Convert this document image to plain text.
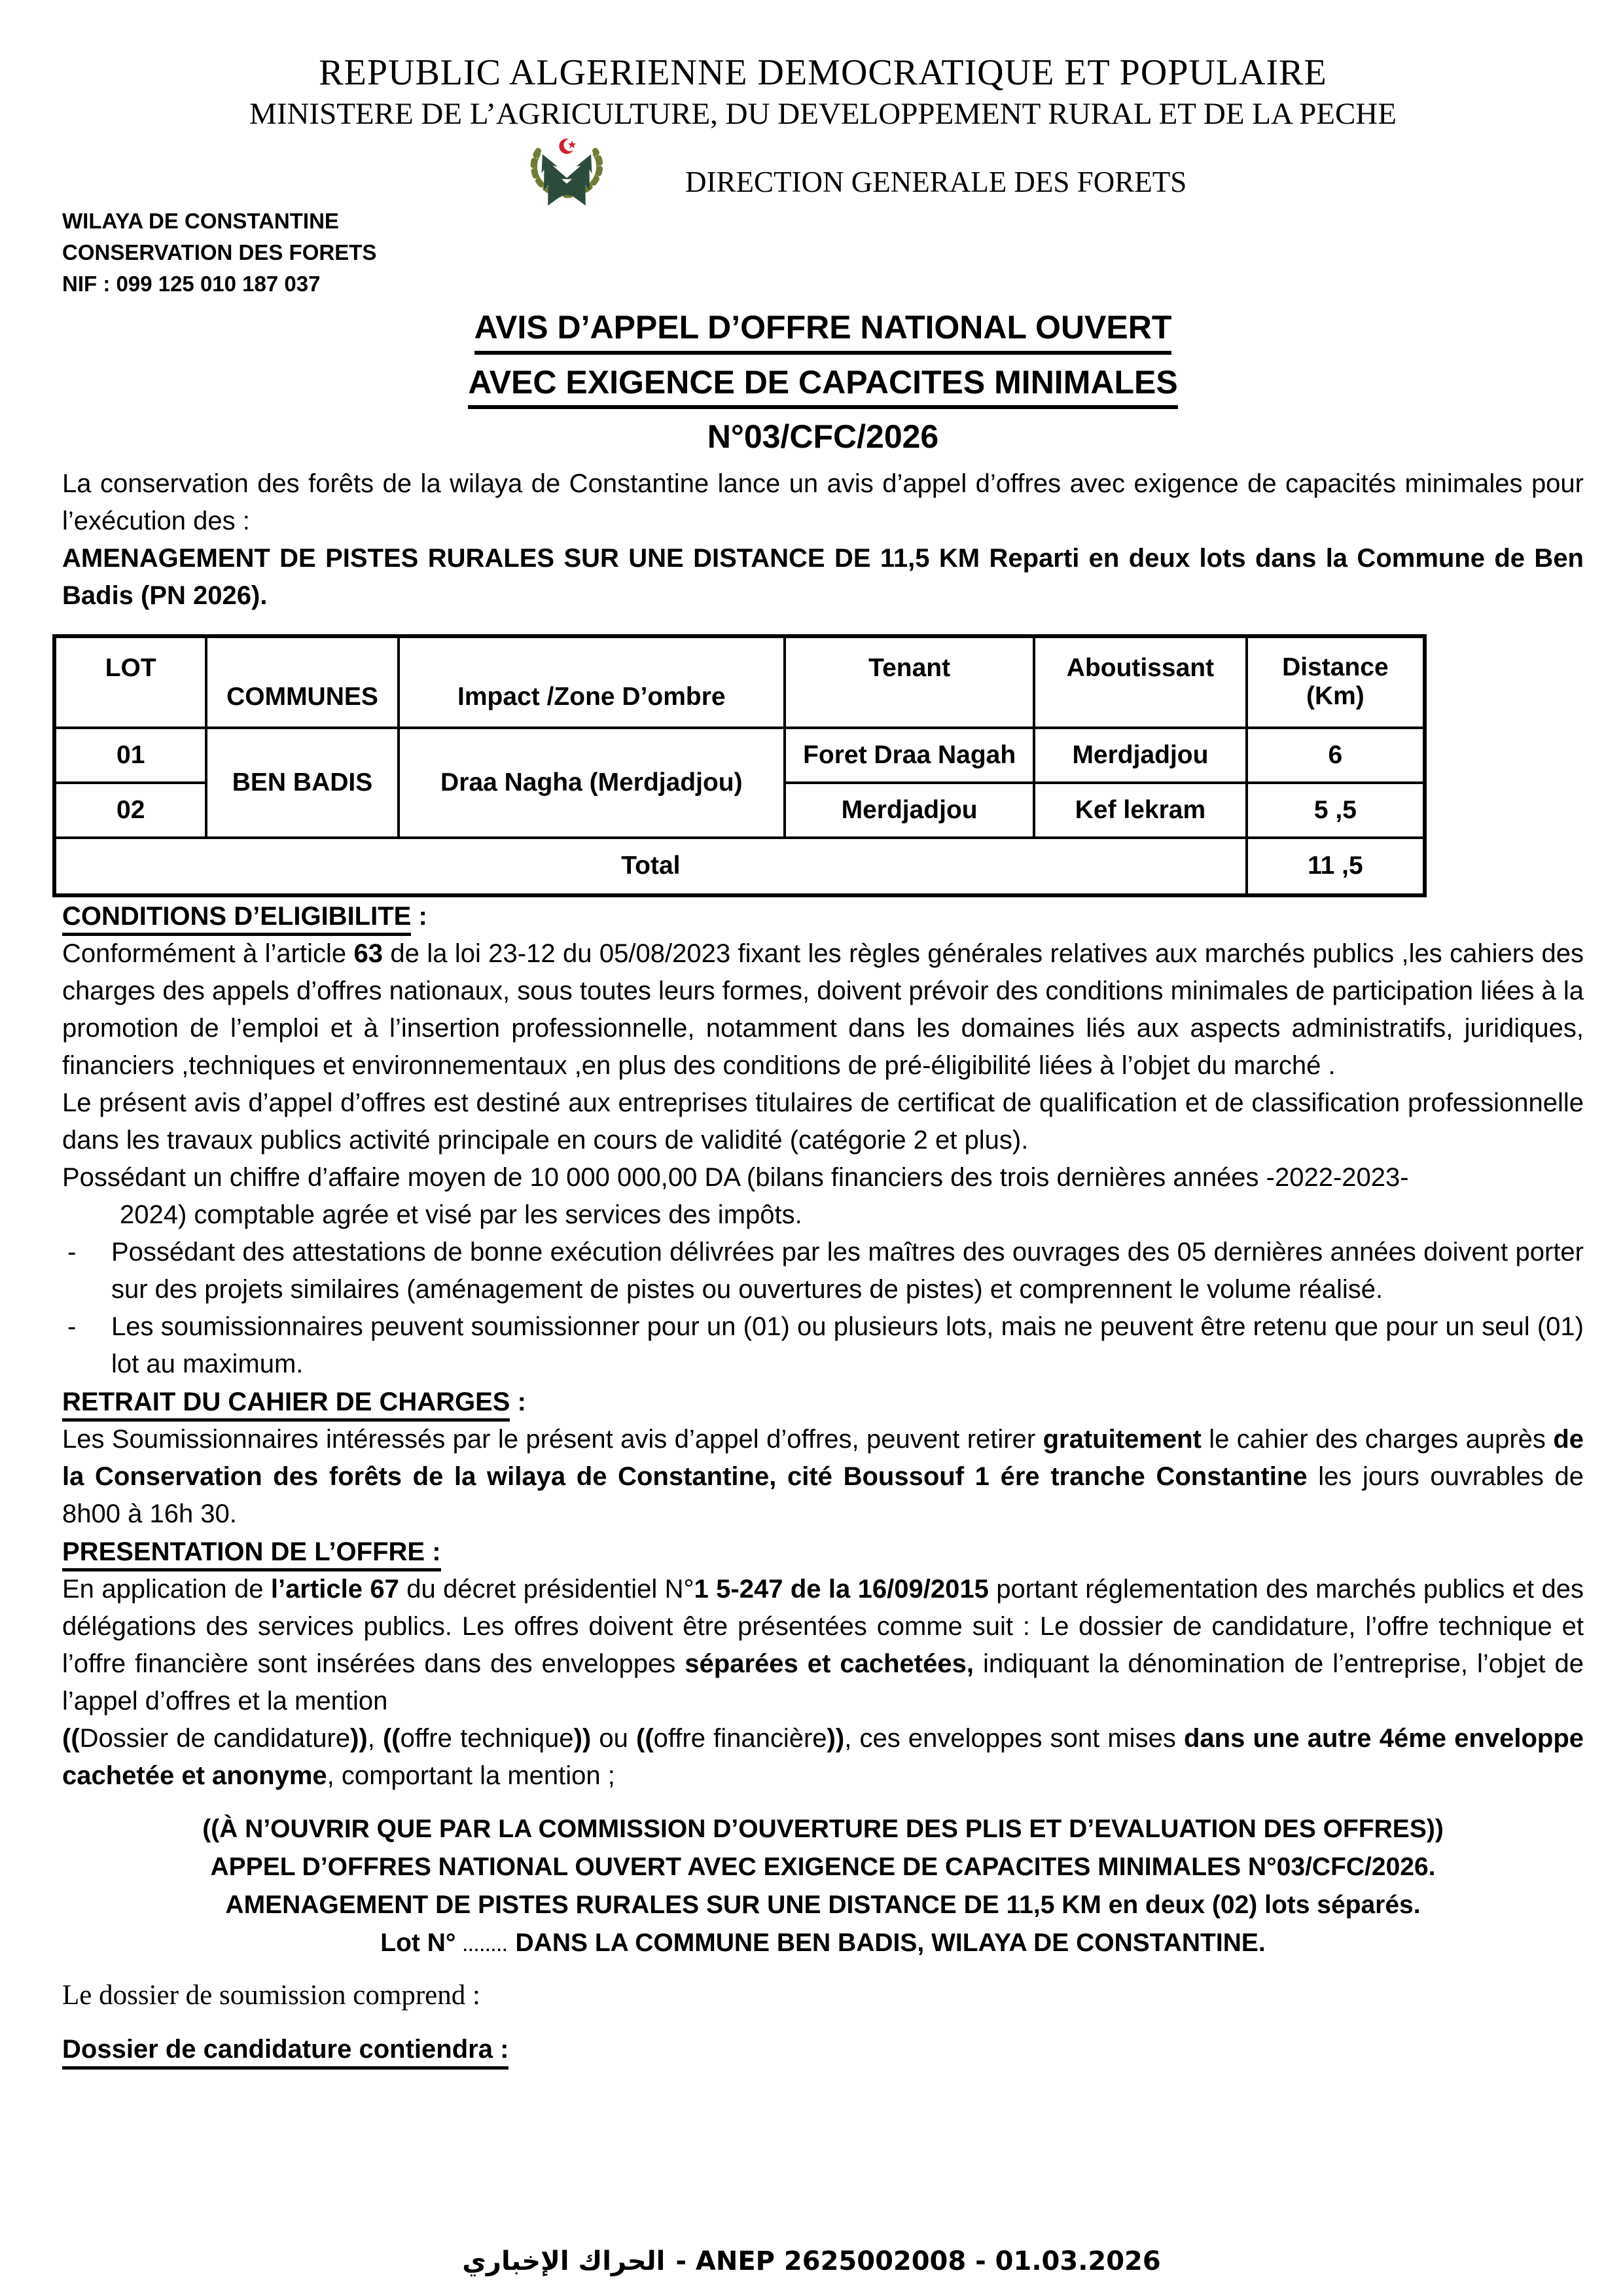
REPUBLIC ALGERIENNE DEMOCRATIQUE ET POPULAIRE
MINISTERE DE L’AGRICULTURE, DU DEVELOPPEMENT RURAL ET DE LA PECHE
DIRECTION GENERALE DES FORETS
WILAYA DE CONSTANTINE
CONSERVATION DES FORETS
NIF : 099 125 010 187 037
AVIS D’APPEL D’OFFRE NATIONAL OUVERT
AVEC EXIGENCE DE CAPACITES MINIMALES
N°03/CFC/2026

La conservation des forêts de la wilaya de Constantine lance un avis d’appel d’offres avec exigence de capacités minimales pour l’exécution des :

AMENAGEMENT DE PISTES RURALES SUR UNE DISTANCE DE 11,5 KM Reparti en deux lots dans la Commune de Ben Badis (PN 2026).

LOT	COMMUNES	Impact /Zone D’ombre	Tenant	Aboutissant	Distance
(Km)

01	BEN BADIS	Draa Nagha (Merdjadjou)	Foret Draa Nagah	Merdjadjou	6
02			Merdjadjou	Kef lekram	5 ,5
Total					11 ,5
CONDITIONS D’ELIGIBILITE :

Conformément à l’article 63 de la loi 23-12 du 05/08/2023 fixant les règles générales relatives aux marchés publics ,les cahiers des charges des appels d’offres nationaux, sous toutes leurs formes, doivent prévoir des conditions minimales de participation liées à la promotion de l’emploi et à l’insertion professionnelle, notamment dans les domaines liés aux aspects administratifs, juridiques, financiers ,techniques et environnementaux ,en plus des conditions de pré-éligibilité liées à l’objet du marché .

Le présent avis d’appel d’offres est destiné aux entreprises titulaires de certificat de qualification et de classification professionnelle dans les travaux publics activité principale en cours de validité (catégorie 2 et plus).

Possédant un chiffre d’affaire moyen de 10 000 000,00 DA (bilans financiers des trois dernières années -2022-2023-
2024) comptable agrée et visé par les services des impôts.

- Possédant des attestations de bonne exécution délivrées par les maîtres des ouvrages des 05 dernières années doivent porter sur des projets similaires (aménagement de pistes ou ouvertures de pistes) et comprennent le volume réalisé.

- Les soumissionnaires peuvent soumissionner pour un (01) ou plusieurs lots, mais ne peuvent être retenu que pour un seul (01) lot au maximum.

RETRAIT DU CAHIER DE CHARGES :

Les Soumissionnaires intéressés par le présent avis d’appel d’offres, peuvent retirer gratuitement le cahier des charges auprès de la Conservation des forêts de la wilaya de Constantine, cité Boussouf 1 ére tranche Constantine les jours ouvrables de 8h00 à 16h 30.

PRESENTATION DE L’OFFRE :

En application de l’article 67 du décret présidentiel N°1 5-247 de la 16/09/2015 portant réglementation des marchés publics et des délégations des services publics. Les offres doivent être présentées comme suit : Le dossier de candidature, l’offre technique et l’offre financière sont insérées dans des enveloppes séparées et cachetées, indiquant la dénomination de l’entreprise, l’objet de l’appel d’offres et la mention

((Dossier de candidature)), ((offre technique)) ou ((offre financière)), ces enveloppes sont mises dans une autre 4éme enveloppe cachetée et anonyme, comportant la mention ;

((À N’OUVRIR QUE PAR LA COMMISSION D’OUVERTURE DES PLIS ET D’EVALUATION DES OFFRES))
APPEL D’OFFRES NATIONAL OUVERT AVEC EXIGENCE DE CAPACITES MINIMALES N°03/CFC/2026.
AMENAGEMENT DE PISTES RURALES SUR UNE DISTANCE DE 11,5 KM en deux (02) lots séparés.
Lot N° ........ DANS LA COMMUNE BEN BADIS, WILAYA DE CONSTANTINE.
Le dossier de soumission comprend :
Dossier de candidature contiendra :
الحراك الإخباري - ANEP 2625002008 - 01.03.2026
